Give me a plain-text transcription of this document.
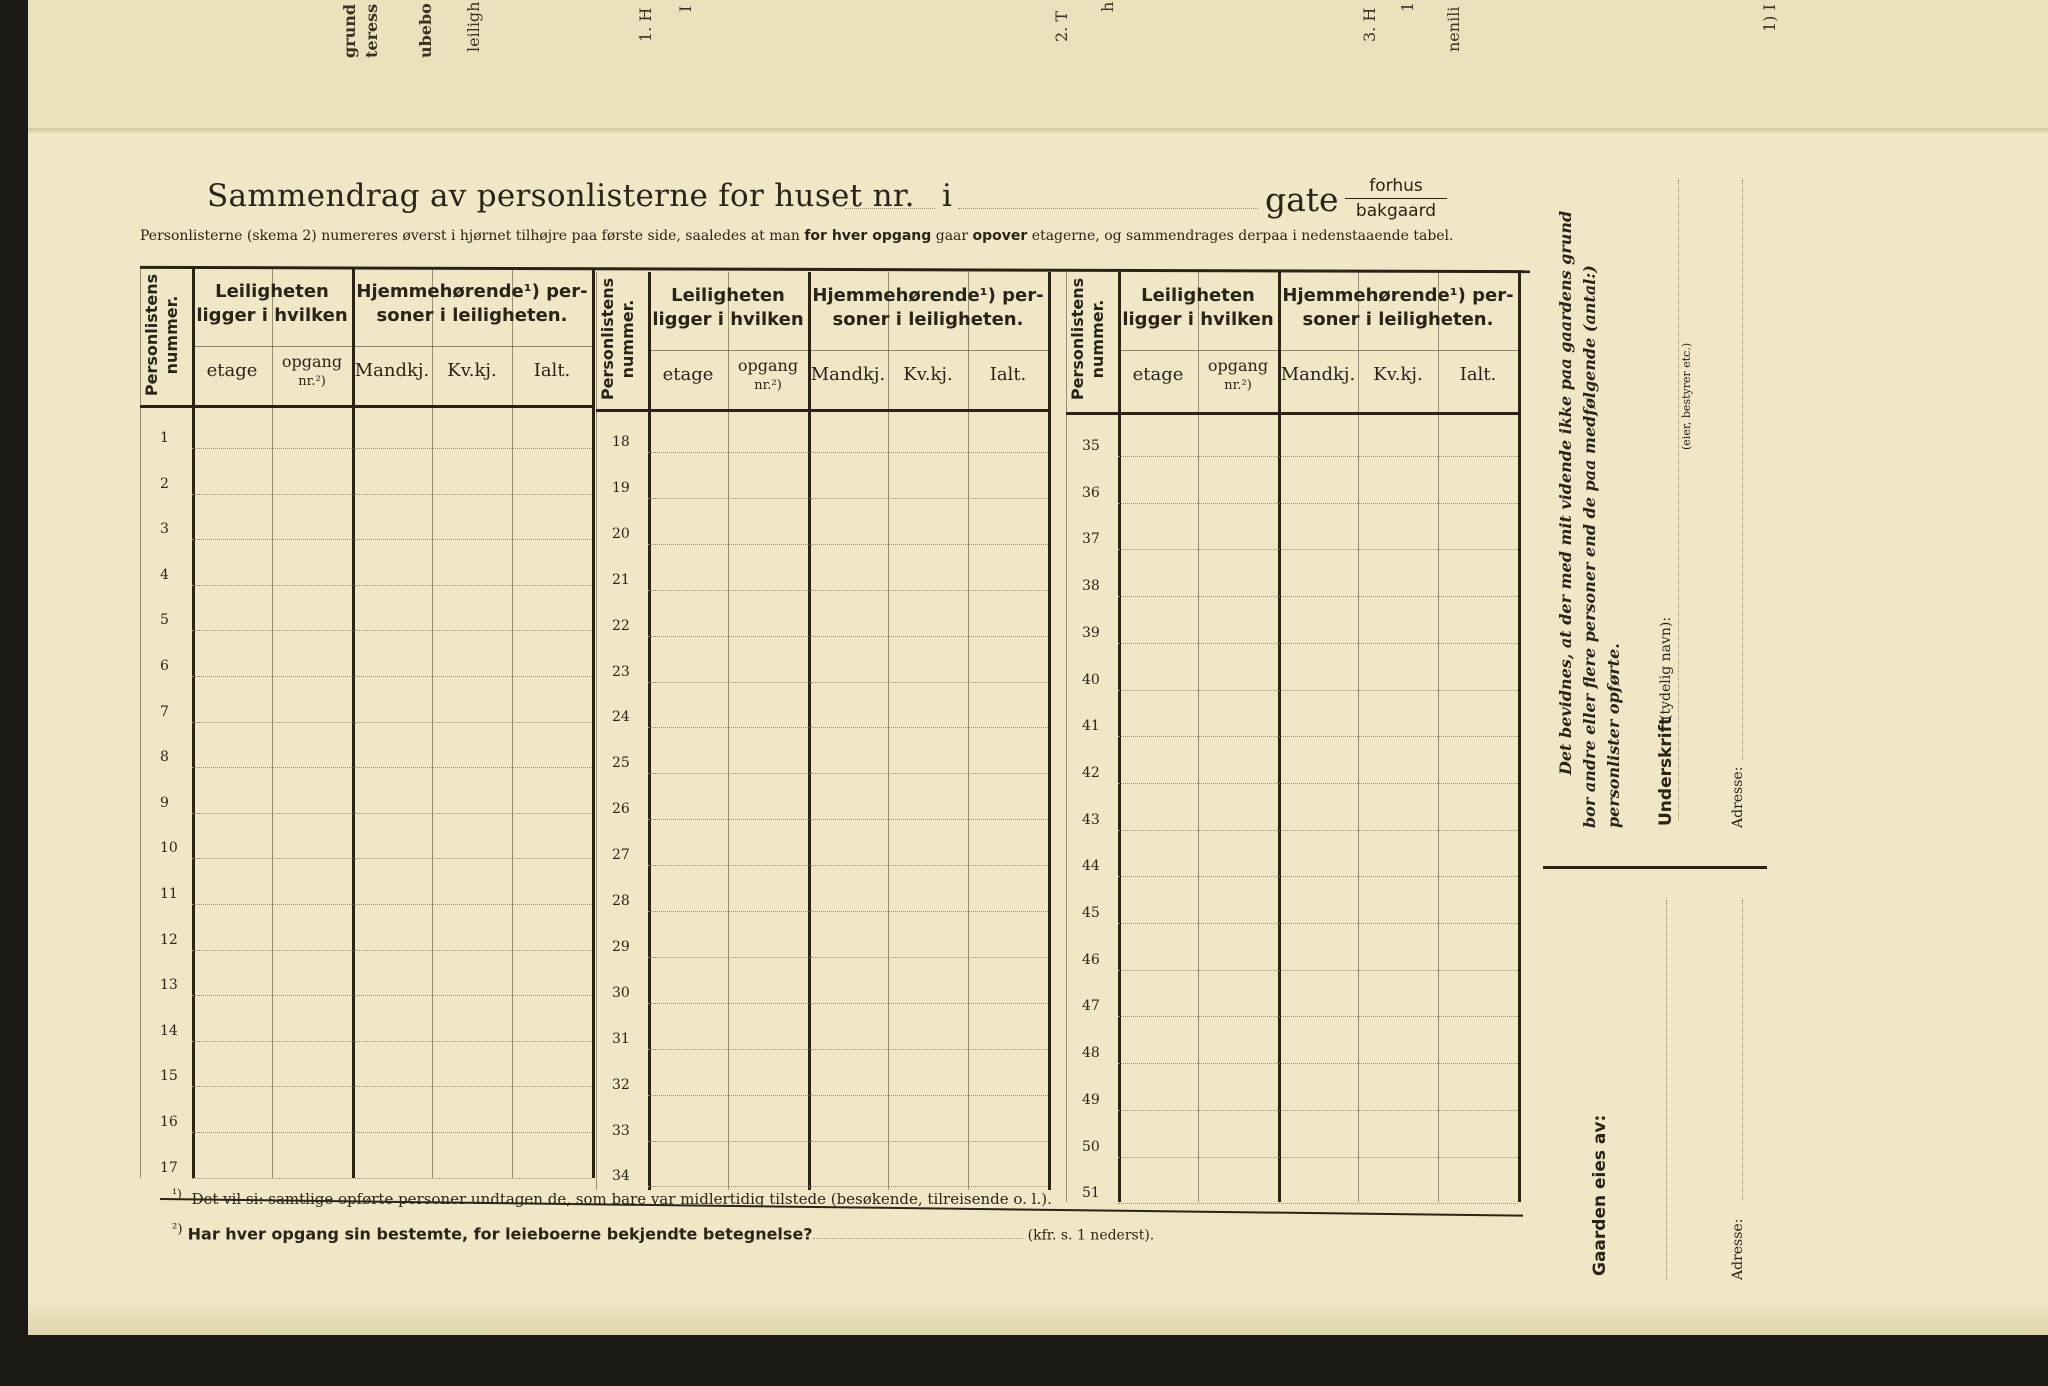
grund teress ubebo leiligh	1. H I
2. T
h
3. H
1 nenili	1) I
Sammendrag av personlisterne for huset nr. i	gate	forhus
bakgaard
Personlisterne (skema 2) numereres øverst i hjørnet tilhøjre paa første side, saaledes at man for hver opgang gaar opover etagerne, og sammendrages derpaa i nedenstaaende tabel.
Personlistens nummer.
Leiligheten
ligger i hvilken
Hjemmehørende¹) per-
soner i leiligheten.
etage	opgang
nr.²)
Mandkj.	Kv.kj.	Ialt.
1
2
3
4
5
6
7
8
9
10
11
12
13
14
15
16
17
Personlistens nummer.
Leiligheten
ligger i hvilken
Hjemmehørende¹) per-
soner i leiligheten.
etage	opgang
nr.²)
Mandkj.	Kv.kj.	Ialt.
18
19
20
21
22
23
24
25
26
27
28
29
30
31
32
33
34
Personlistens nummer.
Leiligheten
ligger i hvilken
Hjemmehørende¹) per-
soner i leiligheten.
etage	opgang
nr.²)
Mandkj.	Kv.kj.	Ialt.
35
36
37
38
39
40
41
42
43
44
45
46
47
48
49
50
51
$^{^1)}$ Det vil si: samtlige opførte personer undtagen de, som bare var midlertidig tilstede (besøkende, tilreisende o. l.).
$^{^2)}$ Har hver opgang sin bestemte, for leieboerne bekjendte betegnelse?	(kfr. s. 1 nederst).
Det bevidnes, at der med mit vidende ikke paa gaardens grund bor andre eller flere personer end de paa medfølgende (antal:) personlister opførte. Underskrift
(tydelig navn):
(eier, bestyrer etc.)
Adresse:
Gaarden eies av:	Adresse:
